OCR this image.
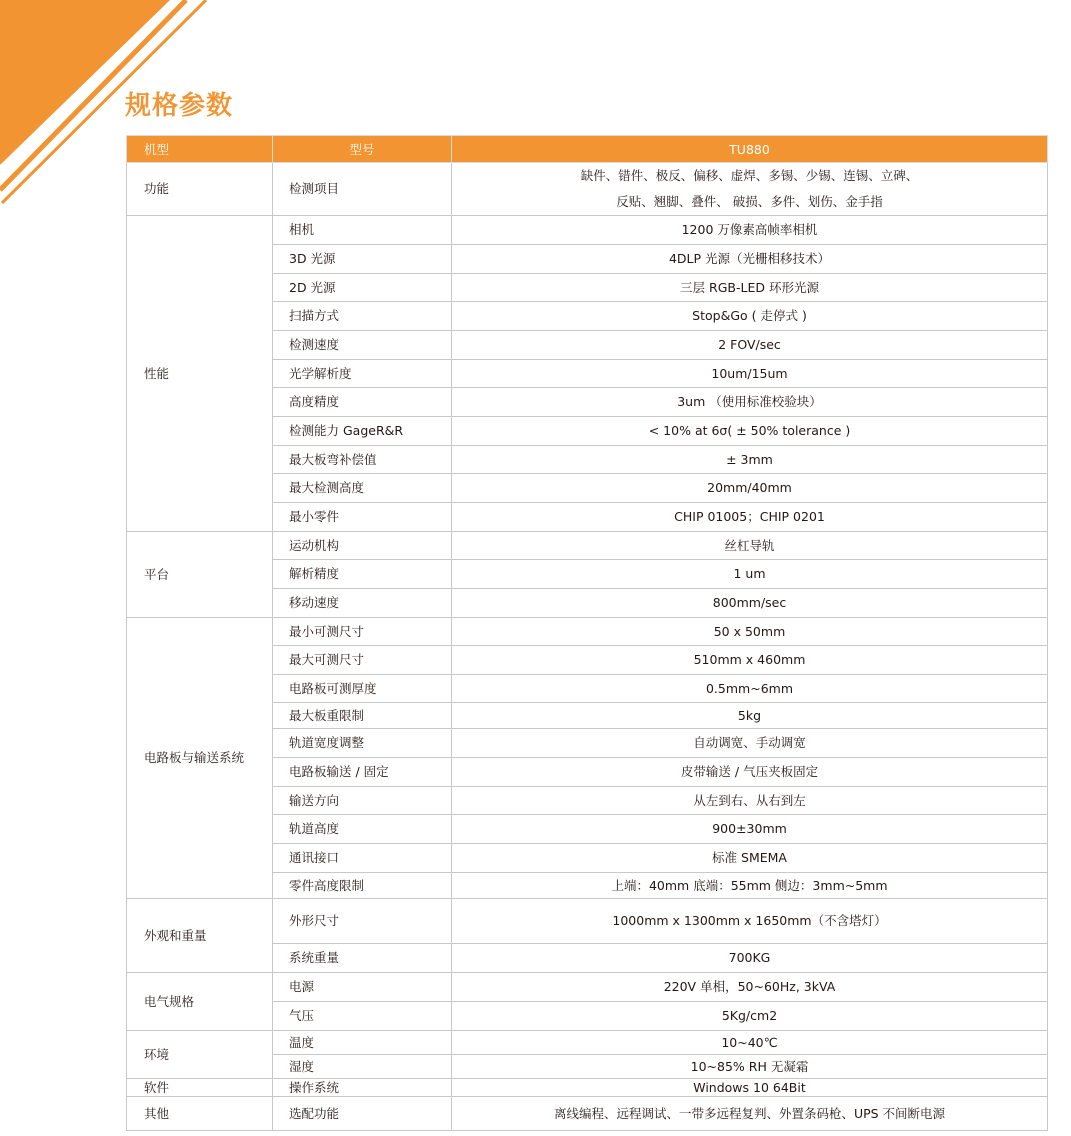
规格参数
机型	型号	TU880
功能	检测项目	缺件、错件、极反、偏移、虚焊、多锡、少锡、连锡、立碑、
反贴、翘脚、叠件、 破损、多件、划伤、金手指

性能	相机	1200 万像素高帧率相机
	3D 光源	4DLP 光源（光栅相移技术）
	2D 光源	三层 RGB-LED 环形光源
	扫描方式	Stop&Go ( 走停式 )
	检测速度	2 FOV/sec
	光学解析度	10um/15um
	高度精度	3um （使用标准校验块）
	检测能力 GageR&R	< 10% at 6σ( ± 50% tolerance )
	最大板弯补偿值	± 3mm
	最大检测高度	20mm/40mm
	最小零件	CHIP 01005；CHIP 0201
平台	运动机构	丝杠导轨
	解析精度	1 um
	移动速度	800mm/sec
电路板与输送系统	最小可测尺寸	50 x 50mm
	最大可测尺寸	510mm x 460mm
	电路板可测厚度	0.5mm~6mm
	最大板重限制	5kg
	轨道宽度调整	自动调宽、手动调宽
	电路板输送 / 固定	皮带输送 / 气压夹板固定
	输送方向	从左到右、从右到左
	轨道高度	900±30mm
	通讯接口	标准 SMEMA
	零件高度限制	上端：40mm 底端：55mm 侧边：3mm~5mm
外观和重量	外形尺寸	1000mm x 1300mm x 1650mm（不含塔灯）
	系统重量	700KG
电气规格	电源	220V 单相，50~60Hz, 3kVA
	气压	5Kg/cm2
环境	温度	10~40℃
	湿度	10~85% RH 无凝霜
软件	操作系统	Windows 10 64Bit
其他	选配功能	离线编程、远程调试、一带多远程复判、外置条码枪、UPS 不间断电源
